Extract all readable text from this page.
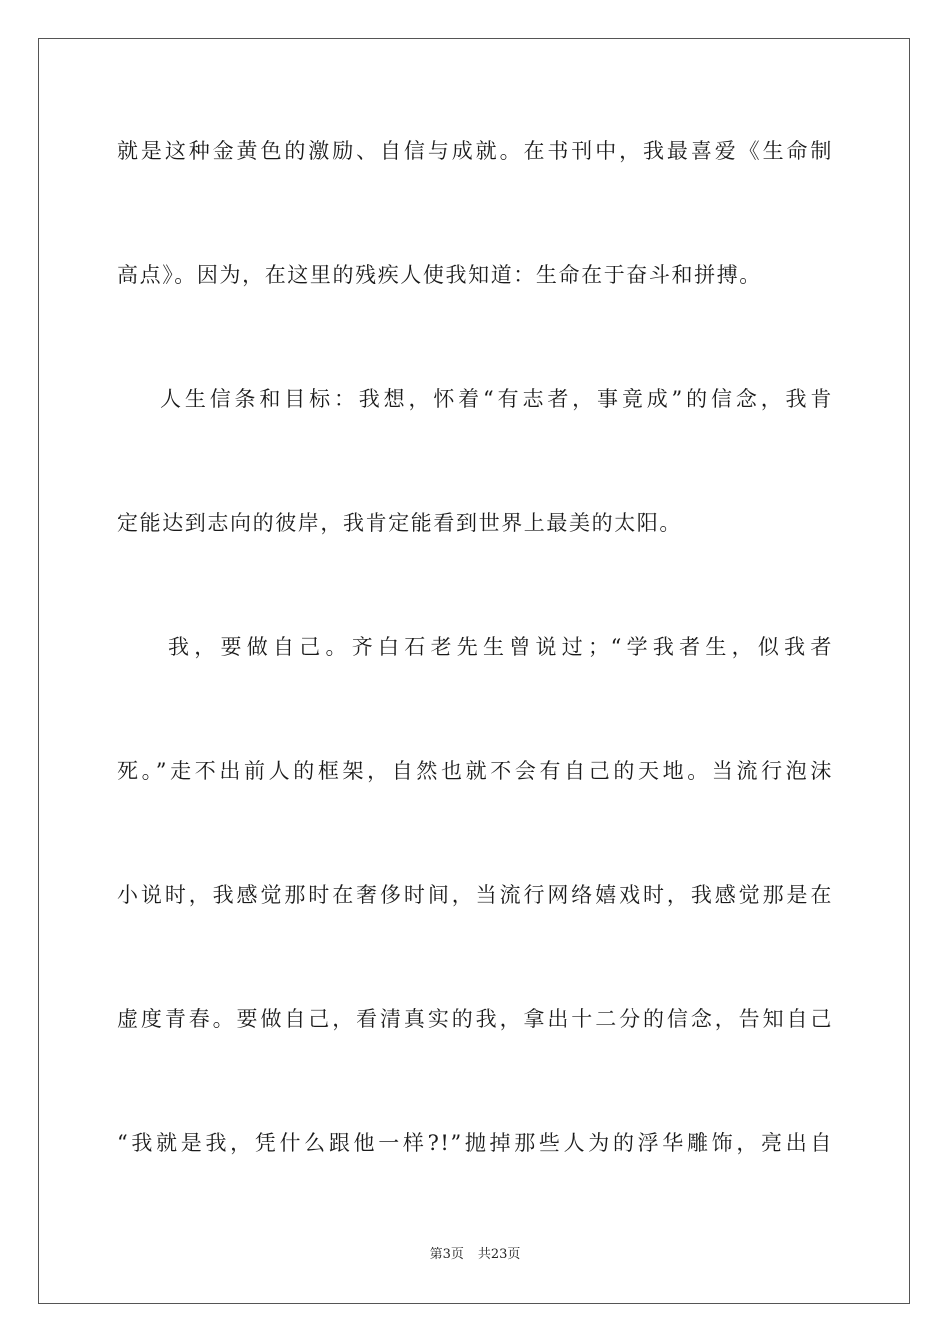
就是这种金黄色的激励、自信与成就。在书刊中，我最喜爱《生命制
高点》。因为，在这里的残疾人使我知道：生命在于奋斗和拼搏。
人生信条和目标：我想，怀着“有志者，事竟成”的信念，我肯
定能达到志向的彼岸，我肯定能看到世界上最美的太阳。
我，要做自己。齐白石老先生曾说过；“学我者生，似我者
死。”走不出前人的框架，自然也就不会有自己的天地。当流行泡沫
小说时，我感觉那时在奢侈时间，当流行网络嬉戏时，我感觉那是在
虚度青春。要做自己，看清真实的我，拿出十二分的信念，告知自己
“我就是我，凭什么跟他一样?!”抛掉那些人为的浮华雕饰，亮出自
第3页 共23页
